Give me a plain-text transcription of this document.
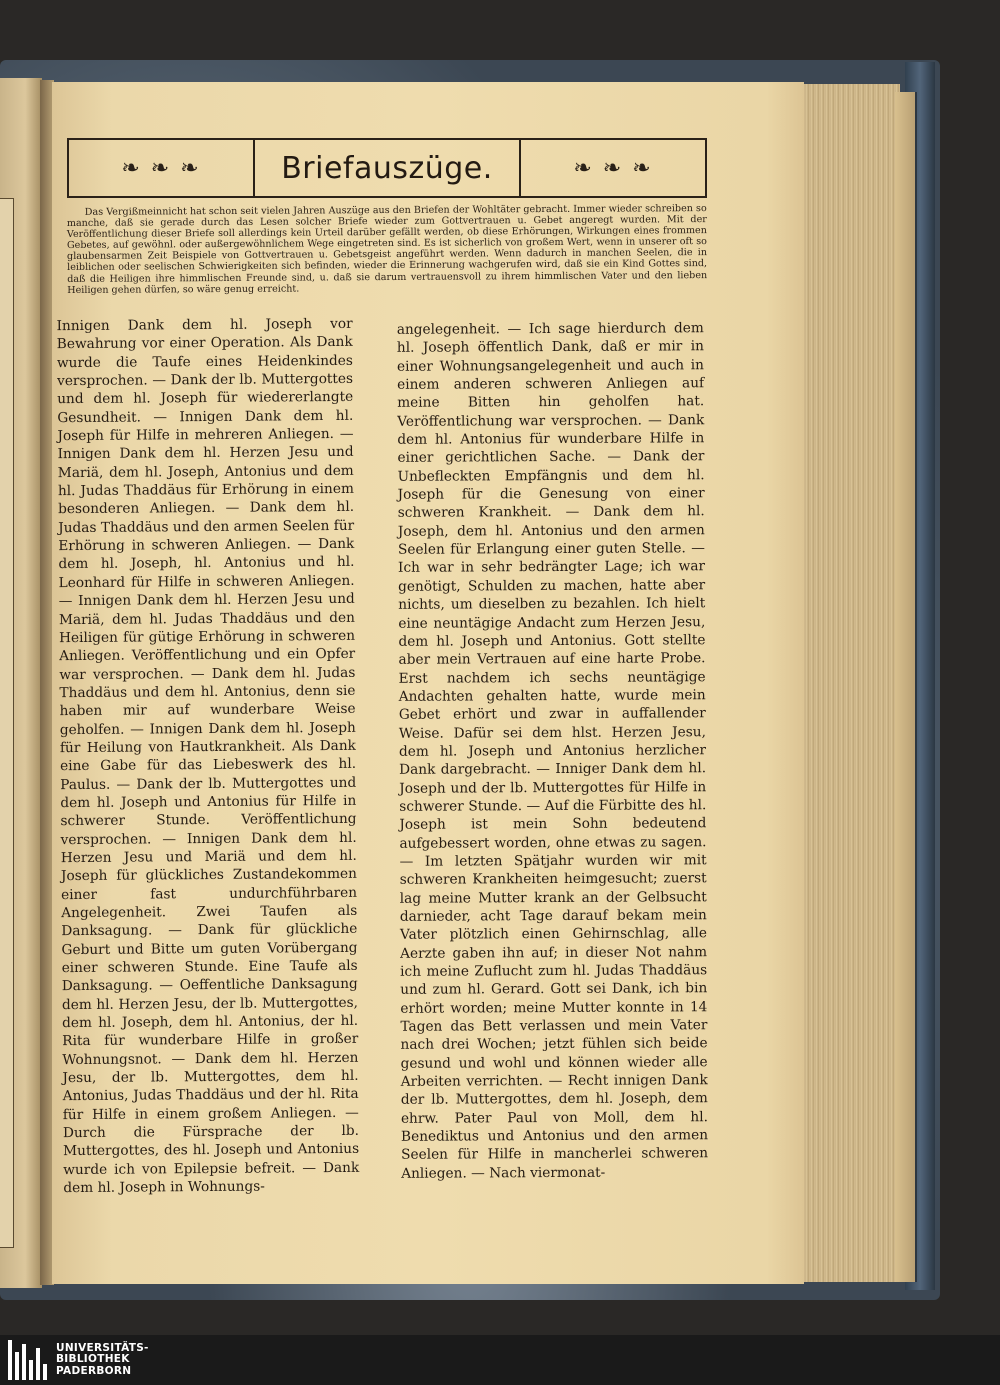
❧ ❧ ❧	Briefauszüge.	❧ ❧ ❧

Das Vergißmeinnicht hat schon seit vielen Jahren Auszüge aus den Briefen der Wohltäter gebracht. Immer wieder schreiben so manche, daß sie gerade durch das Lesen solcher Briefe wieder zum Gottvertrauen u. Gebet angeregt wurden. Mit der Veröffentlichung dieser Briefe soll allerdings kein Urteil darüber gefällt werden, ob diese Erhörungen, Wirkungen eines frommen Gebetes, auf gewöhnl. oder außergewöhnlichem Wege eingetreten sind. Es ist sicherlich von großem Wert, wenn in unserer oft so glaubensarmen Zeit Beispiele von Gottvertrauen u. Gebetsgeist angeführt werden. Wenn dadurch in manchen Seelen, die in leiblichen oder seelischen Schwierigkeiten sich befinden, wieder die Erinnerung wachgerufen wird, daß sie ein Kind Gottes sind, daß die Heiligen ihre himmlischen Freunde sind, u. daß sie darum vertrauensvoll zu ihrem himmlischen Vater und den lieben Heiligen gehen dürfen, so wäre genug erreicht.

Innigen Dank dem hl. Joseph vor Bewahrung vor einer Operation. Als Dank wurde die Taufe eines Heidenkindes versprochen. — Dank der lb. Muttergottes und dem hl. Joseph für wiedererlangte Gesundheit. — Innigen Dank dem hl. Joseph für Hilfe in mehreren Anliegen. — Innigen Dank dem hl. Herzen Jesu und Mariä, dem hl. Joseph, Antonius und dem hl. Judas Thaddäus für Erhörung in einem besonderen Anliegen. — Dank dem hl. Judas Thaddäus und den armen Seelen für Erhörung in schweren Anliegen. — Dank dem hl. Joseph, hl. Antonius und hl. Leonhard für Hilfe in schweren Anliegen. — Innigen Dank dem hl. Herzen Jesu und Mariä, dem hl. Judas Thaddäus und den Heiligen für gütige Erhörung in schweren Anliegen. Veröffentlichung und ein Opfer war versprochen. — Dank dem hl. Judas Thaddäus und dem hl. Antonius, denn sie haben mir auf wunderbare Weise geholfen. — Innigen Dank dem hl. Joseph für Heilung von Hautkrankheit. Als Dank eine Gabe für das Liebeswerk des hl. Paulus. — Dank der lb. Muttergottes und dem hl. Joseph und Antonius für Hilfe in schwerer Stunde. Veröffentlichung versprochen. — Innigen Dank dem hl. Herzen Jesu und Mariä und dem hl. Joseph für glückliches Zustandekommen einer fast undurchführbaren Angelegenheit. Zwei Taufen als Danksagung. — Dank für glückliche Geburt und Bitte um guten Vorübergang einer schweren Stunde. Eine Taufe als Danksagung. — Oeffentliche Danksagung dem hl. Herzen Jesu, der lb. Muttergottes, dem hl. Joseph, dem hl. Antonius, der hl. Rita für wunderbare Hilfe in großer Wohnungsnot. — Dank dem hl. Herzen Jesu, der lb. Muttergottes, dem hl. Antonius, Judas Thaddäus und der hl. Rita für Hilfe in einem großem Anliegen. — Durch die Fürsprache der lb. Muttergottes, des hl. Joseph und Antonius wurde ich von Epilepsie befreit. — Dank dem hl. Joseph in Wohnungs-

angelegenheit. — Ich sage hierdurch dem hl. Joseph öffentlich Dank, daß er mir in einer Wohnungsangelegenheit und auch in einem anderen schweren Anliegen auf meine Bitten hin geholfen hat. Veröffentlichung war versprochen. — Dank dem hl. Antonius für wunderbare Hilfe in einer gerichtlichen Sache. — Dank der Unbefleckten Empfängnis und dem hl. Joseph für die Genesung von einer schweren Krankheit. — Dank dem hl. Joseph, dem hl. Antonius und den armen Seelen für Erlangung einer guten Stelle. — Ich war in sehr bedrängter Lage; ich war genötigt, Schulden zu machen, hatte aber nichts, um dieselben zu bezahlen. Ich hielt eine neuntägige Andacht zum Herzen Jesu, dem hl. Joseph und Antonius. Gott stellte aber mein Vertrauen auf eine harte Probe. Erst nachdem ich sechs neuntägige Andachten gehalten hatte, wurde mein Gebet erhört und zwar in auffallender Weise. Dafür sei dem hlst. Herzen Jesu, dem hl. Joseph und Antonius herzlicher Dank dargebracht. — Inniger Dank dem hl. Joseph und der lb. Muttergottes für Hilfe in schwerer Stunde. — Auf die Fürbitte des hl. Joseph ist mein Sohn bedeutend aufgebessert worden, ohne etwas zu sagen. — Im letzten Spätjahr wurden wir mit schweren Krankheiten heimgesucht; zuerst lag meine Mutter krank an der Gelbsucht darnieder, acht Tage darauf bekam mein Vater plötzlich einen Gehirnschlag, alle Aerzte gaben ihn auf; in dieser Not nahm ich meine Zuflucht zum hl. Judas Thaddäus und zum hl. Gerard. Gott sei Dank, ich bin erhört worden; meine Mutter konnte in 14 Tagen das Bett verlassen und mein Vater nach drei Wochen; jetzt fühlen sich beide gesund und wohl und können wieder alle Arbeiten verrichten. — Recht innigen Dank der lb. Muttergottes, dem hl. Joseph, dem ehrw. Pater Paul von Moll, dem hl. Benediktus und Antonius und den armen Seelen für Hilfe in mancherlei schweren Anliegen. — Nach viermonat-

UNIVERSITÄTS-
BIBLIOTHEK
PADERBORN
